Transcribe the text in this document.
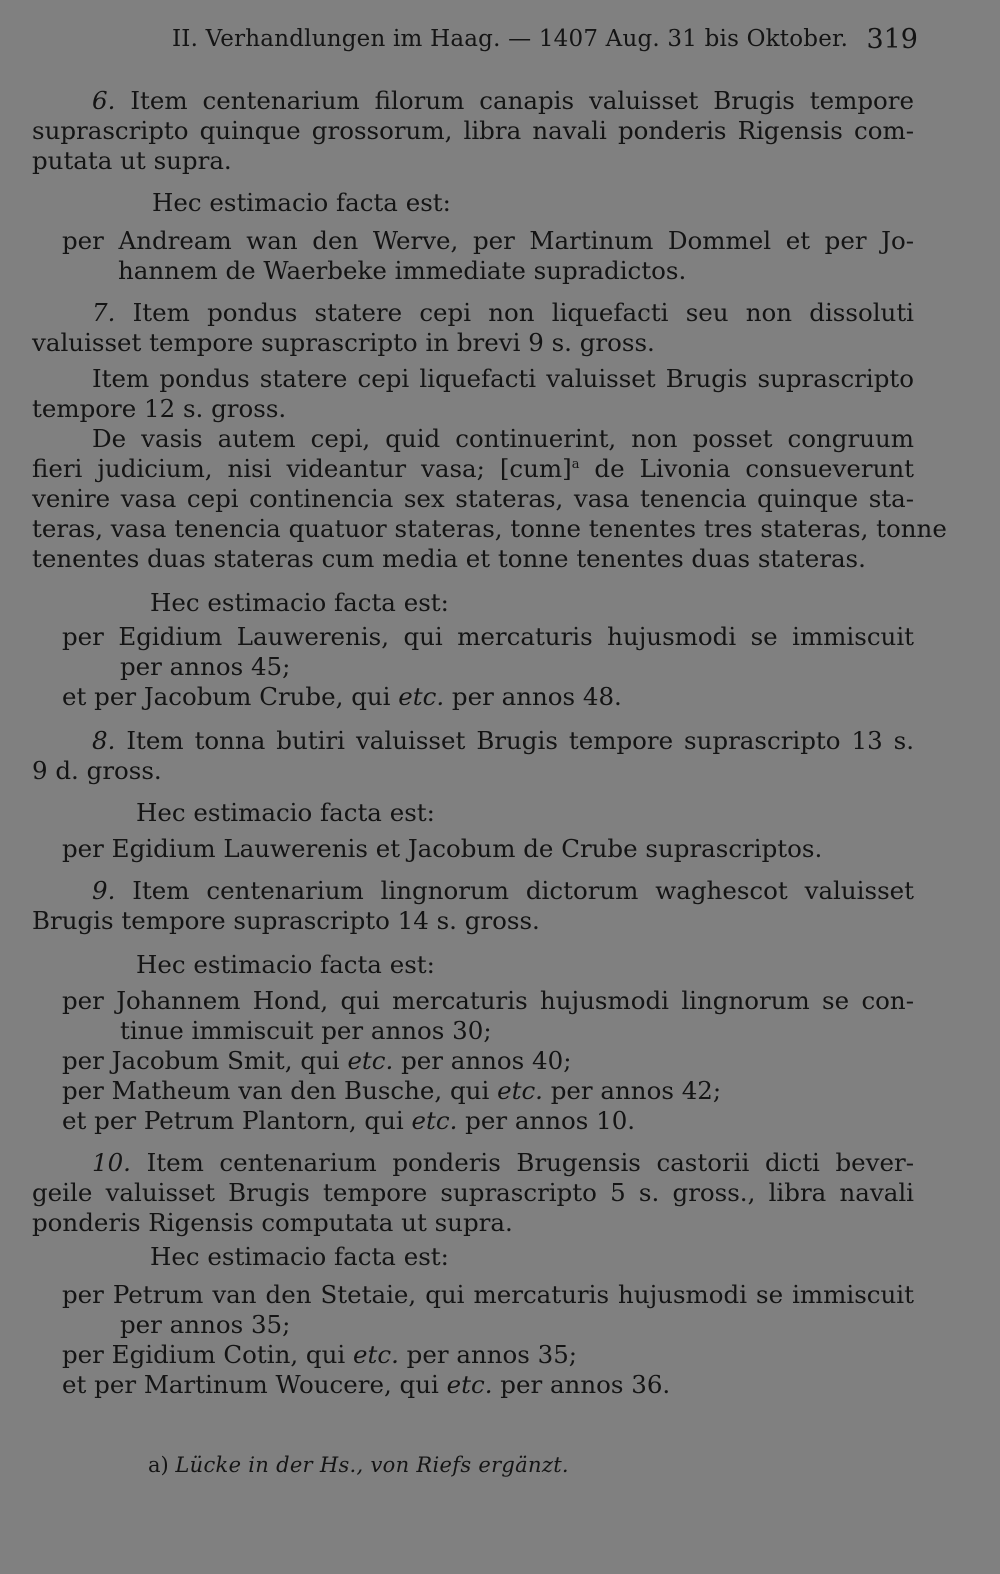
II. Verhandlungen im Haag. — 1407 Aug. 31 bis Oktober. 319
6. Item centenarium filorum canapis valuisset Brugis tempore
suprascripto quinque grossorum, libra navali ponderis Rigensis com-
putata ut supra.
Hec estimacio facta est:
per Andream wan den Werve, per Martinum Dommel et per Jo-
hannem de Waerbeke immediate supradictos.
7. Item pondus statere cepi non liquefacti seu non dissoluti
valuisset tempore suprascripto in brevi 9 s. gross.
Item pondus statere cepi liquefacti valuisset Brugis suprascripto
tempore 12 s. gross.
De vasis autem cepi, quid continuerint, non posset congruum
fieri judicium, nisi videantur vasa; [cum]$^a$ de Livonia consueverunt
venire vasa cepi continencia sex stateras, vasa tenencia quinque sta-
teras, vasa tenencia quatuor stateras, tonne tenentes tres stateras, tonne
tenentes duas stateras cum media et tonne tenentes duas stateras.
Hec estimacio facta est:
per Egidium Lauwerenis, qui mercaturis hujusmodi se immiscuit
per annos 45;
et per Jacobum Crube, qui etc. per annos 48.
8. Item tonna butiri valuisset Brugis tempore suprascripto 13 s.
9 d. gross.
Hec estimacio facta est:
per Egidium Lauwerenis et Jacobum de Crube suprascriptos.
9. Item centenarium lingnorum dictorum waghescot valuisset
Brugis tempore suprascripto 14 s. gross.
Hec estimacio facta est:
per Johannem Hond, qui mercaturis hujusmodi lingnorum se con-
tinue immiscuit per annos 30;
per Jacobum Smit, qui etc. per annos 40;
per Matheum van den Busche, qui etc. per annos 42;
et per Petrum Plantorn, qui etc. per annos 10.
10. Item centenarium ponderis Brugensis castorii dicti bever-
geile valuisset Brugis tempore suprascripto 5 s. gross., libra navali
ponderis Rigensis computata ut supra.
Hec estimacio facta est:
per Petrum van den Stetaie, qui mercaturis hujusmodi se immiscuit
per annos 35;
per Egidium Cotin, qui etc. per annos 35;
et per Martinum Woucere, qui etc. per annos 36.
a) Lücke in der Hs., von Riefs ergänzt.
